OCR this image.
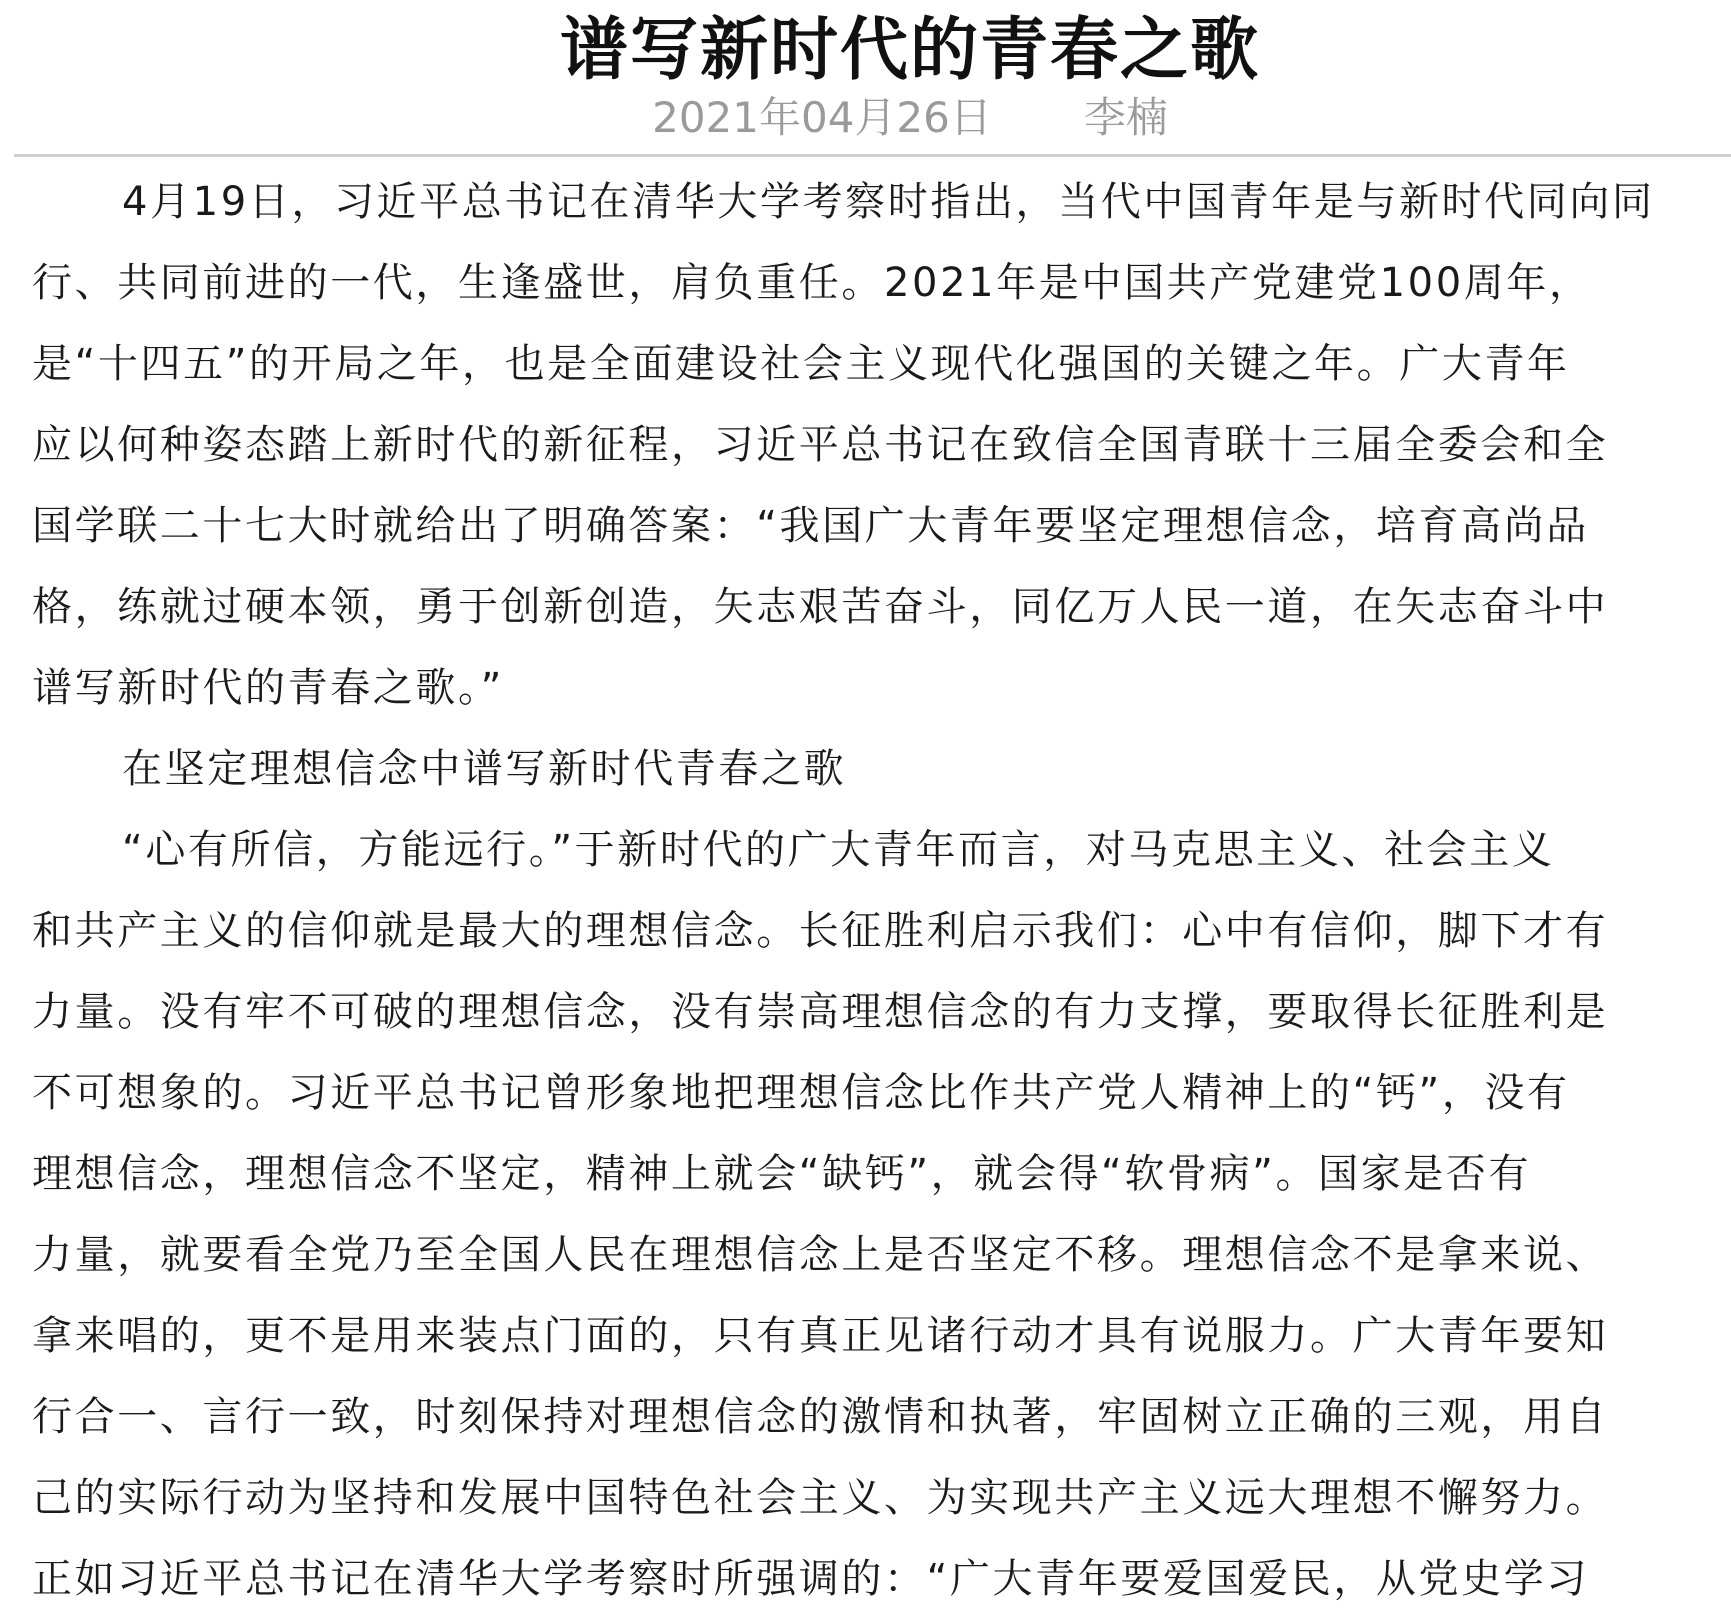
谱写新时代的青春之歌
2021年04月26日 李楠
4月19日，习近平总书记在清华大学考察时指出，当代中国青年是与新时代同向同
行、共同前进的一代，生逢盛世，肩负重任。2021年是中国共产党建党100周年，
是“十四五”的开局之年，也是全面建设社会主义现代化强国的关键之年。广大青年
应以何种姿态踏上新时代的新征程，习近平总书记在致信全国青联十三届全委会和全
国学联二十七大时就给出了明确答案：“我国广大青年要坚定理想信念，培育高尚品
格，练就过硬本领，勇于创新创造，矢志艰苦奋斗，同亿万人民一道，在矢志奋斗中
谱写新时代的青春之歌。”
在坚定理想信念中谱写新时代青春之歌
“心有所信，方能远行。”于新时代的广大青年而言，对马克思主义、社会主义
和共产主义的信仰就是最大的理想信念。长征胜利启示我们：心中有信仰，脚下才有
力量。没有牢不可破的理想信念，没有崇高理想信念的有力支撑，要取得长征胜利是
不可想象的。习近平总书记曾形象地把理想信念比作共产党人精神上的“钙”，没有
理想信念，理想信念不坚定，精神上就会“缺钙”，就会得“软骨病”。国家是否有
力量，就要看全党乃至全国人民在理想信念上是否坚定不移。理想信念不是拿来说、
拿来唱的，更不是用来装点门面的，只有真正见诸行动才具有说服力。广大青年要知
行合一、言行一致，时刻保持对理想信念的激情和执著，牢固树立正确的三观，用自
己的实际行动为坚持和发展中国特色社会主义、为实现共产主义远大理想不懈努力。
正如习近平总书记在清华大学考察时所强调的：“广大青年要爱国爱民，从党史学习
